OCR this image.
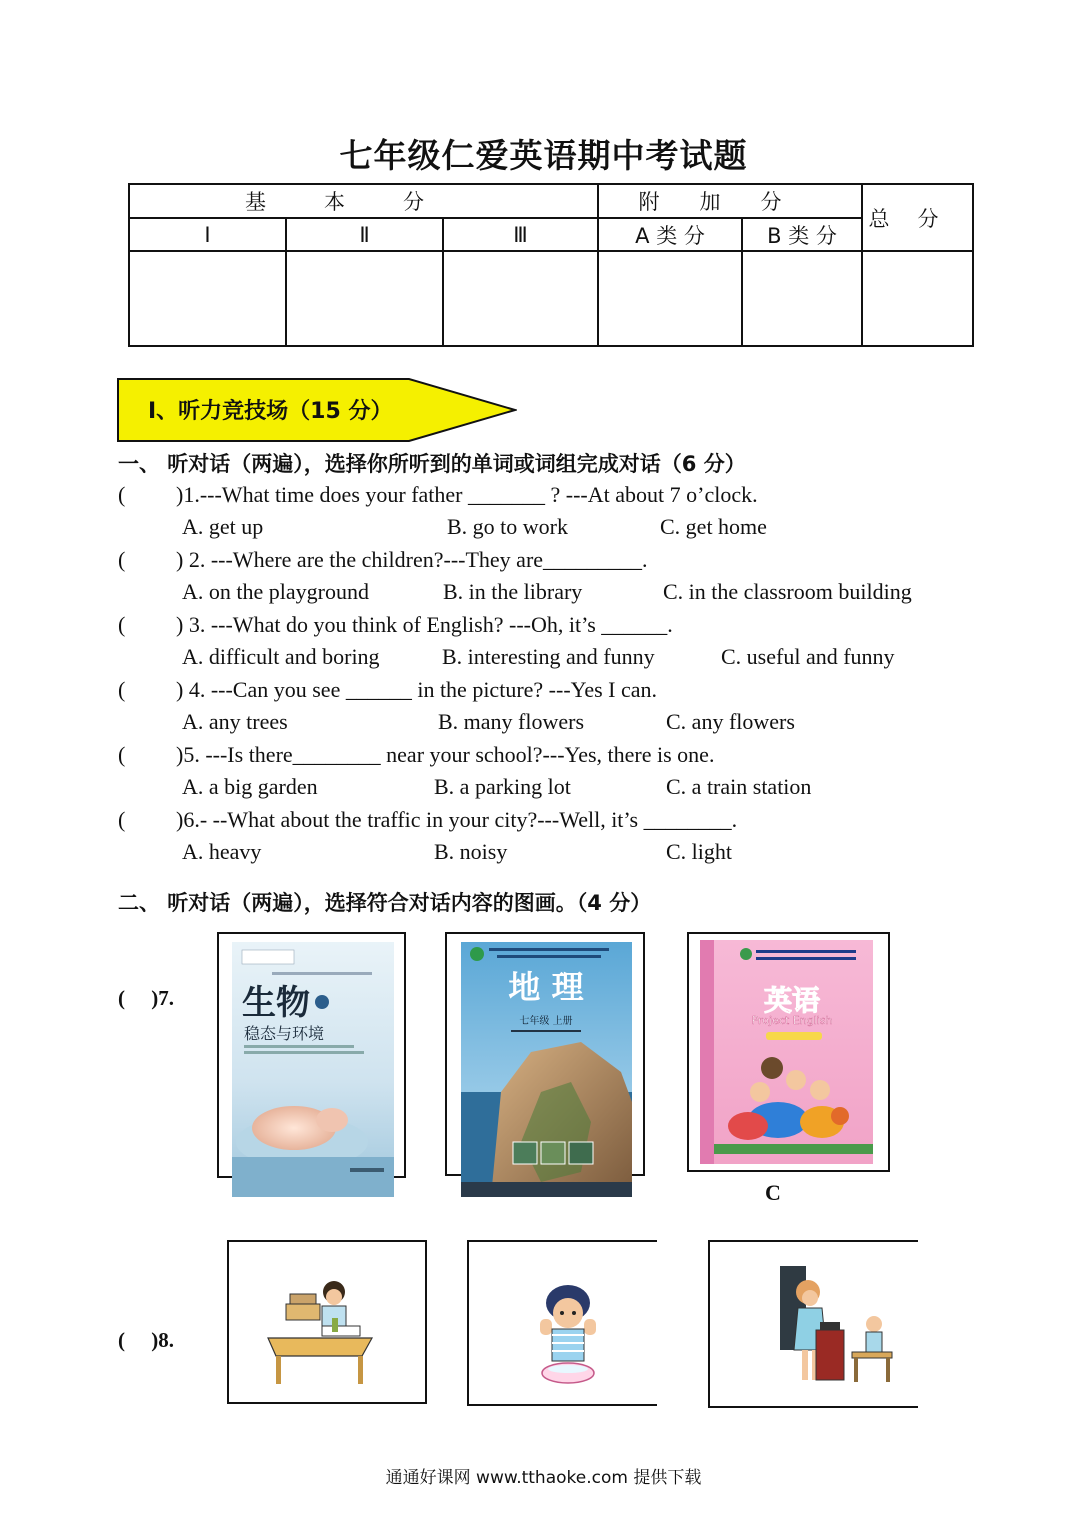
七年级仁爱英语期中考试题
基本分			附加分		总分
Ⅰ	Ⅱ	Ⅲ	A 类 分	B 类 分	

Ⅰ、听力竞技场（15 分）
一、 听对话（两遍），选择你所听到的单词或词组完成对话（6 分）
( )1.---What time does your father _______ ? ---At about 7 o’clock.
A. get up	B. go to work	C. get home
( ) 2. ---Where are the children?---They are_________.
A. on the playground	B. in the library	C. in the classroom building
( ) 3. ---What do you think of English? ---Oh, it’s ______.
A. difficult and boring	B. interesting and funny	C. useful and funny
( ) 4. ---Can you see ______ in the picture? ---Yes I can.
A. any trees	B. many flowers	C. any flowers
( )5. ---Is there________ near your school?---Yes, there is one.
A. a big garden	B. a parking lot	C. a train station
( )6.- --What about the traffic in your city?---Well, it’s ________.
A. heavy	B. noisy	C. light
二、 听对话（两遍），选择符合对话内容的图画。（4 分）
(     )7. 生物
稳态与环境
地 理
七年级 上册
英语
Project English
C
(     )8.
通通好课网 www.tthaoke.com 提供下载
